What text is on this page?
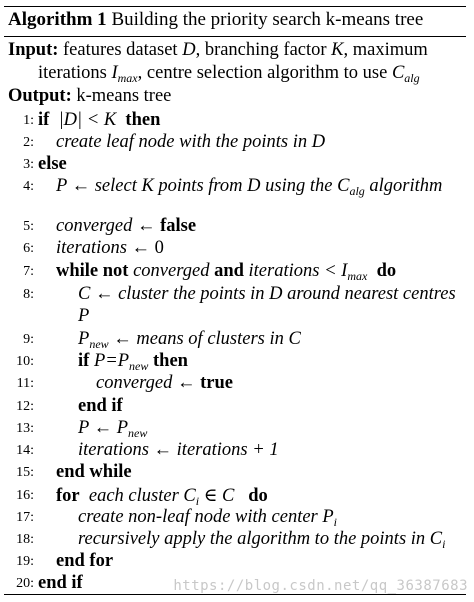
Algorithm 1 Building the priority search k-means tree
Input: features dataset D, branching factor K, maximum
iterations $I_{max}$, centre selection algorithm to use $C_{alg}$
Output: k-means tree
1: if |D| < K then
2: create leaf node with the points in D
3: else
4: P ← select K points from D using the $C_{alg}$ algorithm
5: converged ← false
6: iterations ← 0
7: while not converged and iterations < $I_{max}$ do
8: C ← cluster the points in D around nearest centres
P
9: $P_{new}$ ← means of clusters in C
10: if $P=P_{new}$ then
11:	converged ← true
12: end if
13: P ← $P_{new}$
14: iterations ← iterations + 1
15: end while
16: for each cluster $C_i$ ∈ C do
17: create non-leaf node with center $P_i$
18: recursively apply the algorithm to the points in $C_i$
19: end for
20: end if	https://blog.csdn.net/qq_36387683
